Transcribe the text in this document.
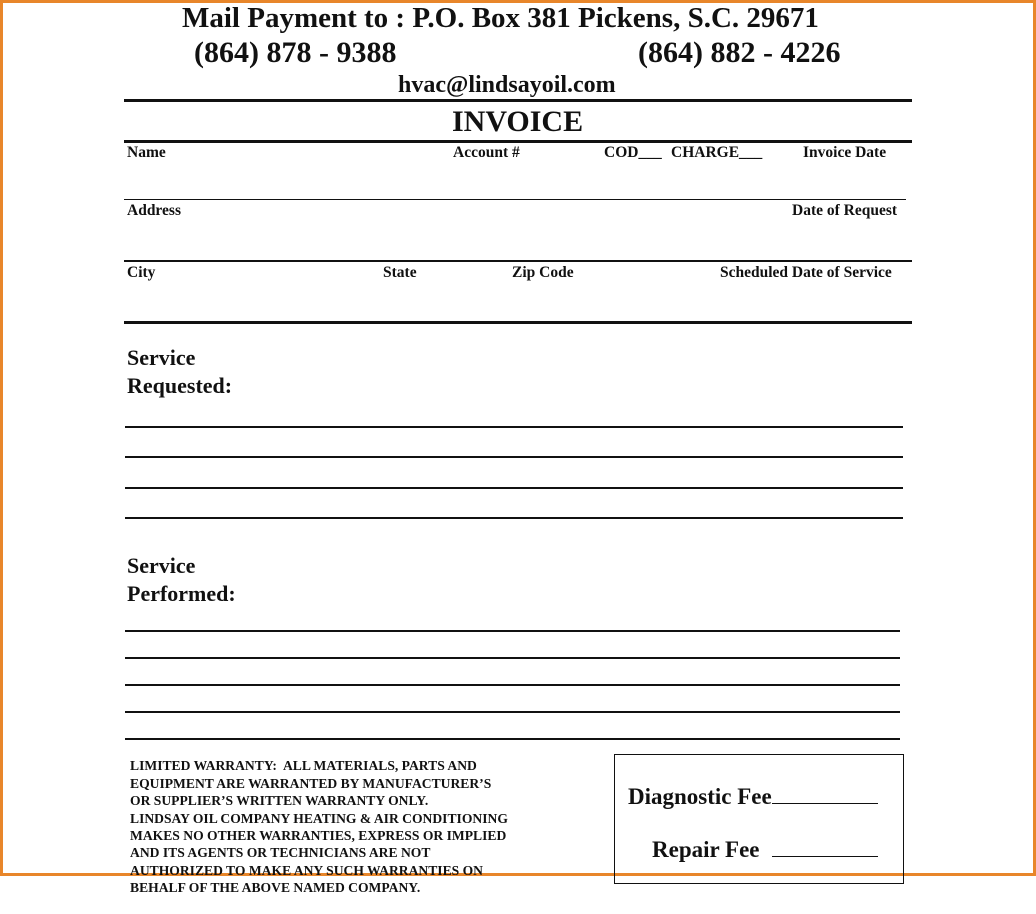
Mail Payment to : P.O. Box 381 Pickens, S.C. 29671
(864) 878 - 9388	(864) 882 - 4226
hvac@lindsayoil.com
INVOICE
Name	Account #	COD___ CHARGE___	Invoice Date
Address	Date of Request
City	State	Zip Code	Scheduled Date of Service
Service
Requested:
Service
Performed:

LIMITED WARRANTY:  ALL MATERIALS, PARTS AND
EQUIPMENT ARE WARRANTED BY MANUFACTURER’S
OR SUPPLIER’S WRITTEN WARRANTY ONLY.
LINDSAY OIL COMPANY HEATING & AIR CONDITIONING
MAKES NO OTHER WARRANTIES, EXPRESS OR IMPLIED
AND ITS AGENTS OR TECHNICIANS ARE NOT
AUTHORIZED TO MAKE ANY SUCH WARRANTIES ON
BEHALF OF THE ABOVE NAMED COMPANY.

Diagnostic Fee
Repair Fee
